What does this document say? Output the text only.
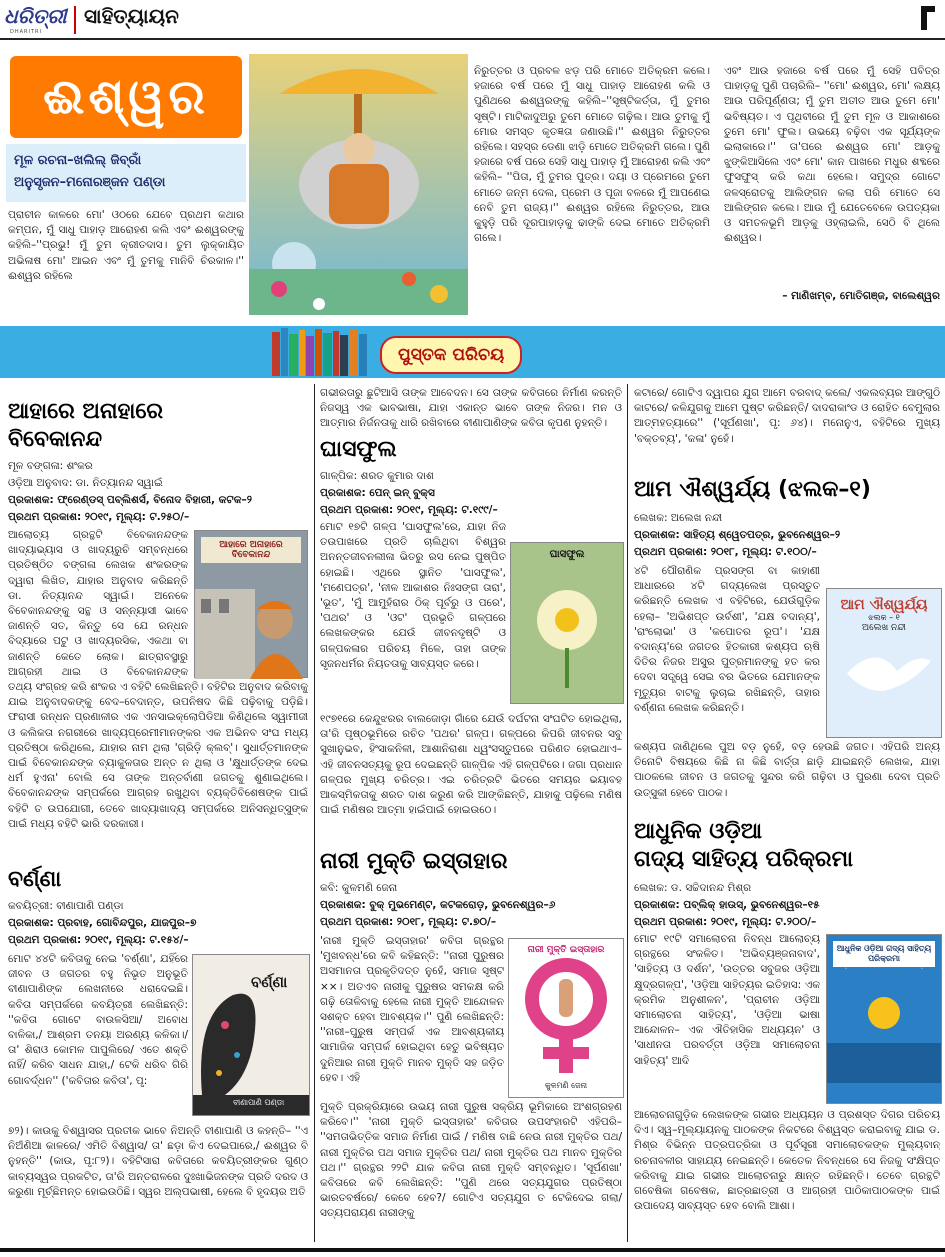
ଧରିତ୍ରୀ
DHARITRI
ସାହିତ୍ୟାୟନ
ଈଶ୍ୱର
ମୂଳ ରଚନା–ଖଲିଲ୍ ଜିବ୍ରାଁ
ଅନୁସୃଜନ–ମନୋରଞ୍ଜନ ପଣ୍ଡା

ପ୍ରାଚୀନ କାଳରେ ମୋ' ଓଠରେ ଯେବେ ପ୍ରଥମ କଥାର କମ୍ପନ, ମୁଁ ସାଧୁ ପାହାଡ଼ ଆରୋହଣ କଲି ଏବଂ ଈଶ୍ୱରଙ୍କୁ କହିଲି–''ପ୍ରଭୁ! ମୁଁ ତୁମ କ୍ରୀତଦାସ। ତୁମ ଲୁକ୍କାୟିତ ଅଭିଳାଷ ମୋ' ଆଇନ ଏବଂ ମୁଁ ତୁମକୁ ମାନିବି ଚିରକାଳ।'' ଈଶ୍ୱର ରହିଲେ

ନିରୁତ୍ତର ଓ ପ୍ରବଳ ଝଡ଼ ପରି ମୋତେ ଅତିକ୍ରମ କଲେ। ହଜାରେ ବର୍ଷ ପରେ ମୁଁ ସାଧୁ ପାହାଡ଼ ଆରୋହଣ କଲି ଓ ପୁଣିଥରେ ଈଶ୍ୱରଙ୍କୁ କହିଲି–''ସୃଷ୍ଟିକର୍ତ୍ତା, ମୁଁ ତୁମର ସୃଷ୍ଟି। ମାଟିକାଦୁଅରୁ ତୁମେ ମୋତେ ଗଢ଼ିଲ। ଆଉ ତୁମକୁ ମୁଁ ମୋର ସମସ୍ତ କୃତଜ୍ଞତା ଜଣାଉଛି।'' ଈଶ୍ୱର ନିରୁତ୍ତର ରହିଲେ। ସହସ୍ର ଡେଣା ଝାଡ଼ି ମୋତେ ଅତିକ୍ରମି ଗଲେ। ପୁଣି ହଜାରେ ବର୍ଷ ପରେ ସେହି ସାଧୁ ପାହାଡ଼ ମୁଁ ଆରୋହଣ କଲି ଏବଂ କହିଲି– ''ପିତା, ମୁଁ ତୁମର ପୁତ୍ର। ଦୟା ଓ ପ୍ରେମରେ ତୁମେ ମୋତେ ଜନ୍ମ ଦେଲ, ପ୍ରେମ ଓ ପୂଜା ବଳରେ ମୁଁ ଆପଣେଇ ନେବି ତୁମ ରାଜ୍ୟ।'' ଈଶ୍ୱର ରହିଲେ ନିରୁତ୍ତର, ଆଉ କୁହୁଡ଼ି ପରି ଦୂରପାହାଡ଼କୁ ଢାଙ୍କି ଦେଇ ମୋତେ ଅତିକ୍ରମି ଗଲେ।

ଏବଂ ଆଉ ହଜାରେ ବର୍ଷ ପରେ ମୁଁ ସେହି ପବିତ୍ର ପାହାଡ଼କୁ ପୁଣି ପଚାରିଲି– ''ମୋ' ଈଶ୍ୱର, ମୋ' ଲକ୍ଷ୍ୟ ଆଉ ପରିପୂର୍ଣ୍ଣତା; ମୁଁ ତୁମ ଅତୀତ ଆଉ ତୁମେ ମୋ' ଭବିଷ୍ୟତ। ଏ ପୃଥିବୀରେ ମୁଁ ତୁମ ମୂଳ ଓ ଆକାଶରେ ତୁମେ ମୋ' ଫୁଲ। ଉଭୟେ ବଢ଼ିବା ଏକ ସୂର୍ଯ୍ୟଙ୍କ ଇଲାକାରେ।'' ତା'ପରେ ଈଶ୍ୱର ମୋ' ଆଡ଼କୁ ଝୁଙ୍କିଆସିଲେ ଏବଂ ମୋ' କାନ ପାଖରେ ମଧୁର ଶବ୍ଦରେ ଫୁସଫୁସ୍ କରି କଥା ହେଲେ। ସମୁଦ୍ର ଗୋଟେ ଜଳସ୍ରୋତକୁ ଆଲିଙ୍ଗନ କଲା ପରି ମୋତେ ସେ ଆଲିଙ୍ଗନ କଲେ। ଆଉ ମୁଁ ଯେତେବେଳେ ଉପତ୍ୟକା ଓ ସମତଳଭୂମି ଆଡ଼କୁ ଓହ୍ଲାଇଲି, ସେଠି ବି ଥିଲେ ଈଶ୍ୱର।

– ମାଣିଖମ୍ବ, ମୋତିଗଞ୍ଜ, ବାଲେଶ୍ୱର
ପୁସ୍ତକ ପରିଚୟ

ଆହାରେ ଅନାହାରେ

ବିବେକାନନ୍ଦ

ମୂଳ ବଙ୍ଗଳା: ଶଂକର

ଓଡ଼ିଆ ଅନୁବାଦ: ଡା. ନିତ୍ୟାନନ୍ଦ ସ୍ୱାଇଁ

ପ୍ରକାଶକ: ଫ୍ରେଣ୍ଡସ୍ ପବ୍ଲିଶର୍ସ, ବିନୋଦ ବିହାରୀ, କଟକ–୨

ପ୍ରଥମ ପ୍ରକାଶ: ୨୦୧୯, ମୂଲ୍ୟ: ଟ.୨୫୦/–

ଆଲୋଚ୍ୟ ଗ୍ରନ୍ଥଟି ବିବେକାନନ୍ଦଙ୍କ ଖାଦ୍ୟାଭ୍ୟାସ ଓ ଖାଦ୍ୟରୁଚି ସମ୍ବନ୍ଧରେ ପ୍ରତିଷ୍ଠିତ ବଙ୍ଗଳା ଲେଖକ ଶଂକରଙ୍କ ଦ୍ୱାରା ଲିଖିତ, ଯାହାର ଅନୁବାଦ କରିଛନ୍ତି ଡା. ନିତ୍ୟାନନ୍ଦ ସ୍ୱାଇଁ। ଅନେକେ ବିବେକାନନ୍ଦଙ୍କୁ ସନ୍ଥ ଓ ସନ୍ନ୍ୟାସୀ ଭାବେ ଜାଣନ୍ତି ସତ, କିନ୍ତୁ ସେ ଯେ ରନ୍ଧନ ବିଦ୍ୟାରେ ପଟୁ ଓ ଖାଦ୍ୟରସିକ, ଏକଥା ବା ଜାଣନ୍ତି କେତେ ଲୋକ। ଛାତ୍ରାବସ୍ଥାରୁ ଆଗ୍ରହୀ ଥାଇ ଓ ବିବେକାନନ୍ଦଙ୍କ

ଆହାରେ ଅନାହାରେ ବିବେକାନନ୍ଦ

ତଥ୍ୟ ସଂଗ୍ରହ କରି ଶଂକର ଏ ବହିଟି ଲେଖିଛନ୍ତି। ବହିଟିର ଅନୁବାଦ କରିବାକୁ ଯାଇ ଅନୁବାଦକଙ୍କୁ ବେଦ–ବେଦାନ୍ତ, ଉପନିଷଦ କିଛି ପଢ଼ିବାକୁ ପଡ଼ିଛି। ଫରାସୀ ରନ୍ଧନ ପ୍ରଣାଳୀର ଏକ ଏନସାଇକ୍ଲୋପିଡିଆ କିଣିଥିଲେ ସ୍ୱାମୀଜୀ ଓ କଲିକତା ନଗରୀରେ ଖାଦ୍ୟପ୍ରେମୀମାନଙ୍କର ଏକ ଅଭିନବ ସଂଘ ମଧ୍ୟ ପ୍ରତିଷ୍ଠା କରିଥିଲେ, ଯାହାର ନାମ ଥିଲା 'ଗ୍ରିଡ଼ି କ୍ଲବ୍'। ସୁଧାର୍ତ୍ତମାନଙ୍କ ପାଇଁ ବିବେକାନନ୍ଦଙ୍କ ବ୍ୟାକୁଳତାର ଅନ୍ତ ନ ଥିଲା ଓ 'କ୍ଷୁଧାର୍ତ୍ତଙ୍କ ଦେଇ ଧର୍ମ ହୁଏନା' ବୋଲି ସେ ତାଙ୍କ ଅନ୍ତର୍ବାଣୀ ଜଗତକୁ ଶୁଣାଇଥିଲେ। ବିବେକାନନ୍ଦଙ୍କ ସମ୍ପର୍କରେ ଆଗ୍ରହ ରଖୁଥିବା ବ୍ୟକ୍ତିବିଶେଷଙ୍କ ପାଇଁ ବହିଟି ତ ଉପଯୋଗୀ, ତେବେ ଖାଦ୍ୟାଖାଦ୍ୟ ସମ୍ପର୍କରେ ଅନିସନ୍ଧିତ୍ସୁଙ୍କ ପାଇଁ ମଧ୍ୟ ବହିଟି ଭାରି ଦରକାରୀ।

ବର୍ଣ୍ଣା

କବୟିତ୍ରୀ: ବୀଣାପାଣି ପଣ୍ଡା

ପ୍ରକାଶକ: ପ୍ରବାହ, ଗୋବିନ୍ଦପୁର, ଯାଜପୁର–୭

ପ୍ରଥମ ପ୍ରକାଶ: ୨୦୧୯, ମୂଲ୍ୟ: ଟ.୧୫୪/–

ମୋଟ ୪୪ଟି କବିତାକୁ ନେଇ 'ବର୍ଣ୍ଣା', ଯହିଁରେ ଜୀବନ ଓ ଜଗତର ବହୁ ନିଭୃତ ଅନୁଭୂତି ବୀଣାପାଣିଙ୍କ ଲେଖନୀରେ ଧରାଦେଇଛି। କବିତା ସମ୍ପର୍କରେ କବୟିତ୍ରୀ ଲେଖିଛନ୍ତି: ''କବିତା ଗୋଟେ ବାଉଳସିଆ/ ଅବୋଧ ବାଳିକା,/ ଆଶ୍ରମ ତନୟା ଅରଣ୍ୟ କଳିକା।/ ତା' ଶିରାଓ କୋମଳ ପାପୁଲିରେ/ ଏତେ ଶକ୍ତି ନାହିଁ/ କରିବ ସାଧନ ଯାହା,/ ଟେକି ଧରିବ ଗିରି ଗୋବର୍ଦ୍ଧନ'' ('କବିତାର କବିତା', ପୃ:

ବର୍ଣ୍ଣା
ବୀଣାପାଣି ପଣ୍ଡା

୭୨)। କାଉକୁ ବିଶ୍ୱାସର ପ୍ରତୀକ ଭାବେ ନିଅନ୍ତି ବୀଣାପାଣି ଓ କହନ୍ତି– ''ଏ ନିଅଁଣିଆ କାଳରେ/ ଏମିତି ବିଶ୍ୱାସ/ ତା' ଛଡ଼ା କିଏ ଦେଇପାରେ,/ ଈଶ୍ୱର ବି ନୁହନ୍ତି'' (କାଉ, ପୃ:୮୨)। ବହିଟିସାରା କବିତାରେ କବୟିତ୍ରୀଙ୍କର ଗୁଣ୍ଠ କାବ୍ୟସ୍ୱର ପ୍ରକଟିତ, ତା'ରି ଅନ୍ତରାଳରେ ଦୁଃଖାଭିଜନଙ୍କ ପ୍ରତି ଦରଦ ଓ କରୁଣା ମୂର୍ଚ୍ଛିମନ୍ତ ହୋଇଉଠିଛି। ସ୍ୱର ଅଲ୍ପଭାଷୀ, ହେଲେ ବି ହୃଦୟର ଅତି

ଗଭୀରତାରୁ ଛୁଟିଆସି ତାଙ୍କ ଆବେଦନ। ସେ ତାଙ୍କ କବିତାରେ ନିର୍ମାଣ କରନ୍ତି ନିଜସ୍ୱ ଏକ ଭାବଭାଷା, ଯାହା ଏକାନ୍ତ ଭାବେ ତାଙ୍କ ନିଜର। ମନ ଓ ଆତ୍ମାର ନିର୍ଜନତାକୁ ଧାରି ରଖିବାରେ ବୀଣାପାଣିଙ୍କ କବିତା କୃପଣ ନୁହନ୍ତି।

ଘାସଫୁଲ

ଗାଳ୍ପିକ: ଶରତ କୁମାର ଦାଶ

ପ୍ରକାଶକ: ପେନ୍ ଇନ୍ ବୁକ୍ସ

ପ୍ରଥମ ପ୍ରକାଶ: ୨୦୧୯, ମୂଲ୍ୟ: ଟ.୧୯୯/–

ମୋଟ ୧୭ଟି ଗଳ୍ପ 'ଘାସଫୁଲ'ରେ, ଯାହା ନିଜ ତଉପାଖରେ ପ୍ରତି ଚାଲିଥିବା ବିଶ୍ୱର ଅନନ୍ତଜୀବନଲୀଳା ଭିତରୁ ରସ ନେଇ ପୁଷ୍ପିତ ହୋଇଛି। ଏଥିରେ ସ୍ଥାନିତ 'ଘାସଫୁଲ', 'ମଣେପତ୍ର', 'ନୀଳ ଆକାଶର ନିଃସଙ୍ଗ ତାରା', 'ଭୂତ', 'ମୁଁ ଆମୁହଁରାର ଠିକ୍ ପୂର୍ବରୁ ଓ ପରେ', 'ପଥର' ଓ 'ଓଟ' ପ୍ରଭୃତି ଗଳ୍ପରେ ଲେଖକଙ୍କର ଯେଉଁ ଜୀବନଦୃଷ୍ଟି ଓ ଗଳ୍ପକଳାର ପରିଚୟ ମିଳେ, ତାହା ତାଙ୍କ ସୃଜନଧର୍ମର ନିୟତତାକୁ ସାବ୍ୟସ୍ତ କରେ।

ଘାସଫୁଲ

୧୯୭୧ରେ କେନ୍ଦୁଝରର ବାଲଜୋଡ଼ା ଗାଁରେ ଯେଉଁ ଦର୍ଘଟନା ସଂଘଟିତ ହୋଇଥିଲା, ତା'ରି ପୃଷ୍ଠଭୂମିରେ ରଚିତ 'ପଥର' ଗଳ୍ପ। ଗଳ୍ପରେ କିପରି ଜୀବନର ସବୁ ସୁଖାନୁଭବ, ହିଂସାକନିଳୀ, ଆଶାନିରାଶା ଧ୍ୱଂସସ୍ତୁପରେ ପରିଣତ ହୋଇଥାଏ– ଏହି ଜୀବନସତ୍ୟକୁ ରୂପ ଦେଇଛନ୍ତି ଗାଳ୍ପିକ ଏହି ଗଳ୍ପଟିରେ। ଜଗା ପ୍ରଧାନ ଗଳ୍ପର ମୁଖ୍ୟ ଚରିତ୍ର। ଏଇ ଚରିତ୍ରଟି ଭିତରେ ସମୟର ଭୟାବହ ଆକସ୍ମିକତାକୁ ଶରତ ଦାଶ କରୁଣ କରି ଆଙ୍କିଛନ୍ତି, ଯାହାକୁ ପଢ଼ିଲେ ମଣିଷ ପାଇଁ ମଣିଷର ଆତ୍ମା ହାଇଁପାଇଁ ହୋଇଉଠେ।

ନାରୀ ମୁକ୍ତି ଇସ୍ତାହାର

କବି: କୁଳମଣି ଜେନା

ପ୍ରକାଶକ: ବୁକ୍ ମୁଭମେଣ୍ଟ, କଟକରୋଡ଼, ଭୁବନେଶ୍ୱର–୬

ପ୍ରଥମ ପ୍ରକାଶ: ୨୦୧୮, ମୂଲ୍ୟ: ଟ.୭୦/–

'ନାରୀ ମୁକ୍ତି ଇସ୍ତାହାର' କବିତା ଗ୍ରନ୍ଥର 'ମୁଖବନ୍ଧ'ରେ କବି କହିଛନ୍ତି: ''ନାରୀ ପୁରୁଷର ଅସମାନତା ପ୍ରକୃତିଦତ୍ତ ନୁହେଁ, ସମାଜ ସୃଷ୍ଟ ××। ଅତଏବ ନାରୀକୁ ପୁରୁଷର ସମକକ୍ଷ କରି ଗଢ଼ି ତୋଳିବାକୁ ହେଲେ ନାରୀ ମୁକ୍ତି ଆନ୍ଦୋଳନ ସଶକ୍ତ ହେବା ଆବଶ୍ୟକ।'' ପୁଣି ଲେଖିଛନ୍ତି: ''ନାରୀ–ପୁରୁଷ ସମ୍ପର୍କ ଏକ ଆବଶ୍ୟକୀୟ ସାମାଜିକ ସମ୍ପର୍କ ହୋଇଥିବା ହେତୁ ଭବିଷ୍ୟତ ଦୁନିଆର ନାରୀ ମୁକ୍ତି ମାନବ ମୁକ୍ତି ସହ ଜଡ଼ିତ ହେବ। ଏହି

ନାରୀ ମୁକ୍ତି ଇସ୍ତାହାର
କୁଳମଣି ଜେନା

ମୁକ୍ତି ପ୍ରକ୍ରିୟାରେ ଉଭୟ ନାରୀ ପୁରୁଷ ସକ୍ରିୟ ଭୂମିକାରେ ଅଂଶଗ୍ରହଣ କରିବେ।'' 'ନାରୀ ମୁକ୍ତି ଇସ୍ତାହାର' କବିତାର ଉପସଂହାରଟି ଏହିପରି– ''ସମତାଭିତ୍ତିକ ସମାଜ ନିର୍ମାଣ ପାଇଁ / ମଣିଷ ବାଛି ନେଉ ନାରୀ ମୁକ୍ତିର ପଥ/ ନାରୀ ମୁକ୍ତିର ପଥ ସମାଜ ମୁକ୍ତିର ପଥ/ ନାରୀ ମୁକ୍ତିର ପଥ ମାନବ ମୁକ୍ତିର ପଥ।'' ଗ୍ରନ୍ଥର ୨୨ଟି ଯାକ କବିତା ନାରୀ ମୁକ୍ତି ସମ୍ବନ୍ଧିତ। 'ସୂର୍ପଣଖା' କବିତାରେ କବି ଲେଖିଛନ୍ତି: ''ପୁଣି ଥରେ ସତ୍ୟଯୁଗର ପ୍ରତିଷ୍ଠା ଭାରତବର୍ଷରେ/ କେବେ ହେବ?/ ଗୋଟିଏ ସତ୍ୟଯୁଗ ତ ଟେକିଦେଇ ଗଲା/ ସତ୍ୟପରାୟଣ ନାରୀଙ୍କୁ

କଟାରେ/ ଗୋଟିଏ ଦ୍ୱାପର ଯୁଗ ଆମେ ବରବାଦ୍ କଲେ/ ଏକଲବ୍ୟର ଆଙ୍ଗୁଠି କାଟରେ/ କଳିଯୁଗକୁ ଆମେ ପୁଷ୍ଟ କରିଛନ୍ତି/ ଦାଦରାକାଂଡ ଓ ରୋହିତ ବେମୁଲାର ଆତ୍ମହତ୍ୟାରେ'' ('ସୂର୍ପଣଖା', ପୃ: ୬୪)। ମନୋନୁଏ, ବହିଟିରେ ମୁଖ୍ୟ 'ବକ୍ତବ୍ୟ', 'କଳା' ନୁହେଁ।

ଆମ ଐଶ୍ୱର୍ଯ୍ୟ (ଝଲକ–୧)

ଲେଖକ: ଅଲେଖ ନନ୍ଦୀ

ପ୍ରକାଶକ: ସାହିତ୍ୟ ଶ୍ୱେତପତ୍ର, ଭୁବନେଶ୍ୱର–୨

ପ୍ରଥମ ପ୍ରକାଶ: ୨୦୧୮, ମୂଲ୍ୟ: ଟ.୧୦୦/–

୪ଟି ପୌରାଣିକ ପ୍ରସଙ୍ଗ ବା କାହାଣୀ ଆଧାରରେ ୪ଟି ଗଦ୍ୟଲେଖ ପ୍ରସ୍ତୁତ କରିଛନ୍ତି ଲେଖକ ଏ ବହିଟିରେ, ଯେଉଁଗୁଡ଼ିକ ହେଲା– 'ଅଭିଶପ୍ତ ଉର୍ବଶୀ', 'ଯକ୍ଷ ବଦାନ୍ୟ', 'ରାଂଲୋଭା' ଓ 'କପୋତର ରୂପ'। 'ଯକ୍ଷ ବଦାନ୍ୟ'ରେ ଜଗତର ହିତକାରୀ କଶ୍ୟପ ଋଷି ଦିତିର ନିଜର ଅସୁର ପୁତ୍ରମାନଙ୍କୁ ହତ କର ଦେବା ସତ୍ତ୍ୱେ ସେଇ ବର ଭିତରେ ଯେମାନଙ୍କ ମୃତ୍ୟୁର ବାଟକୁ ଲୁଚାଇ ରଖିଛନ୍ତି, ତାହାର ବର୍ଣ୍ଣନା ଲେଖକ କରିଛନ୍ତି।

ଆମ ଐଶ୍ୱର୍ଯ୍ୟ
ଝଲକ – ୧
ଅଲେଖ ନନ୍ଦୀ

କଶ୍ୟପ ଜାଣିଥିଲେ ପୁଅ ବଡ଼ ନୁହେଁ, ବଡ଼ ହେଉଛି ଜଗତ। ଏହିପରି ଅନ୍ୟ ତିନୋଟି ବିଷୟରେ କିଛି ନା କିଛି ବାର୍ତ୍ତା ଛାଡ଼ି ଯାଇଛନ୍ତି ଲେଖକ, ଯାହା ପାଠକଲେ ଜୀବନ ଓ ଜଗତକୁ ସୁନ୍ଦର କରି ଗଢ଼ିବା ଓ ପୁରଣା ଦେବା ପ୍ରତି ଉତ୍ସୁକୀ ହେବେ ପାଠକ।

ଆଧୁନିକ ଓଡ଼ିଆ

ଗଦ୍ୟ ସାହିତ୍ୟ ପରିକ୍ରମା

ଲେଖକ: ଡ. ସଚ୍ଚିଦାନନ୍ଦ ମିଶ୍ର

ପ୍ରକାଶକ: ପବ୍ଲିକ୍ ହାଉସ୍, ଭୁବନେଶ୍ୱର–୧୫

ପ୍ରଥମ ପ୍ରକାଶ: ୨୦୧୯, ମୂଲ୍ୟ: ଟ.୨୦୦/–

ମୋଟ ୧୯ଟି ସମାଲୋଚନା ନିବନ୍ଧ ଆଲୋଚ୍ୟ ଗ୍ରନ୍ଥରେ ସଂକଳିତ। 'ଅଭିବ୍ୟଞ୍ଜନାବାଦ', 'ସାହିତ୍ୟ ଓ ଦର୍ଶନ', 'ଉତ୍ତର ସବୁଜର ଓଡ଼ିଆ କ୍ଷୁଦ୍ରଗଳ୍ପ', 'ଓଡ଼ିଆ ସାହିତ୍ୟର ଇତିହାସ: ଏକ କ୍ରମିକ ଅନୁଶୀଳନ', 'ପ୍ରାଚୀନ ଓଡ଼ିଆ ସମାଲୋଚନା ସାହିତ୍ୟ', 'ଓଡ଼ିଆ ଭାଷା ଆନ୍ଦୋଳନ– ଏକ ଐତିହାସିକ ଅଧ୍ୟୟନ' ଓ 'ସାଧୀନତା ପରବର୍ତ୍ତୀ ଓଡ଼ିଆ ସମାଲୋଚନା ସାହିତ୍ୟ' ଆଦି

ଆଧୁନିକ ଓଡ଼ିଆ ଗଦ୍ୟ ସାହିତ୍ୟ ପରିକ୍ରମା
ପ୍ରଫେସର ଡ. ସଚ୍ଚିଦାନନ୍ଦ ମିଶ୍ର

ଆଲୋଚନାଗୁଡ଼ିକ ଲେଖକଙ୍କ ଗଭୀର ଅଧ୍ୟୟନ ଓ ପ୍ରଶସ୍ତ ଦିଗର ପରିଚୟ ଦିଏ। ସ୍ୱ–ମୂଲ୍ୟାୟନକୁ ପାଠକଙ୍କ ନିକଟରେ ବିଶ୍ୱସ୍ତ କରାଇବାକୁ ଯାଇ ଡ. ମିଶ୍ର ବିଭିନ୍ନ ପତ୍ରପତ୍ରିକା ଓ ପୂର୍ବସୂରୀ ସମାଲୋଚକଙ୍କ ମୁଲ୍ୟବାନ୍ ରଚନାବଳୀର ସାହାଯ୍ୟ ନେଇଛନ୍ତି। କେତେକ ନିବନ୍ଧରେ ସେ ନିଜକୁ ସଂକ୍ଷିପ୍ତ କରିବାକୁ ଯାଇ ଗଭୀର ଆଲୋଚନାରୁ କ୍ଷାନ୍ତ ରହିଛନ୍ତି। ତେବେ ଗ୍ରନ୍ଥଟି ଗବେଷିକା ଗବେଷକ, ଛାତ୍ରଛାତ୍ରୀ ଓ ଆଗ୍ରହୀ ପାଠିକାପାଠକଙ୍କ ପାଇଁ ଉପାଦେୟ ସାବ୍ୟସ୍ତ ହେବ ବୋଲି ଆଶା।
